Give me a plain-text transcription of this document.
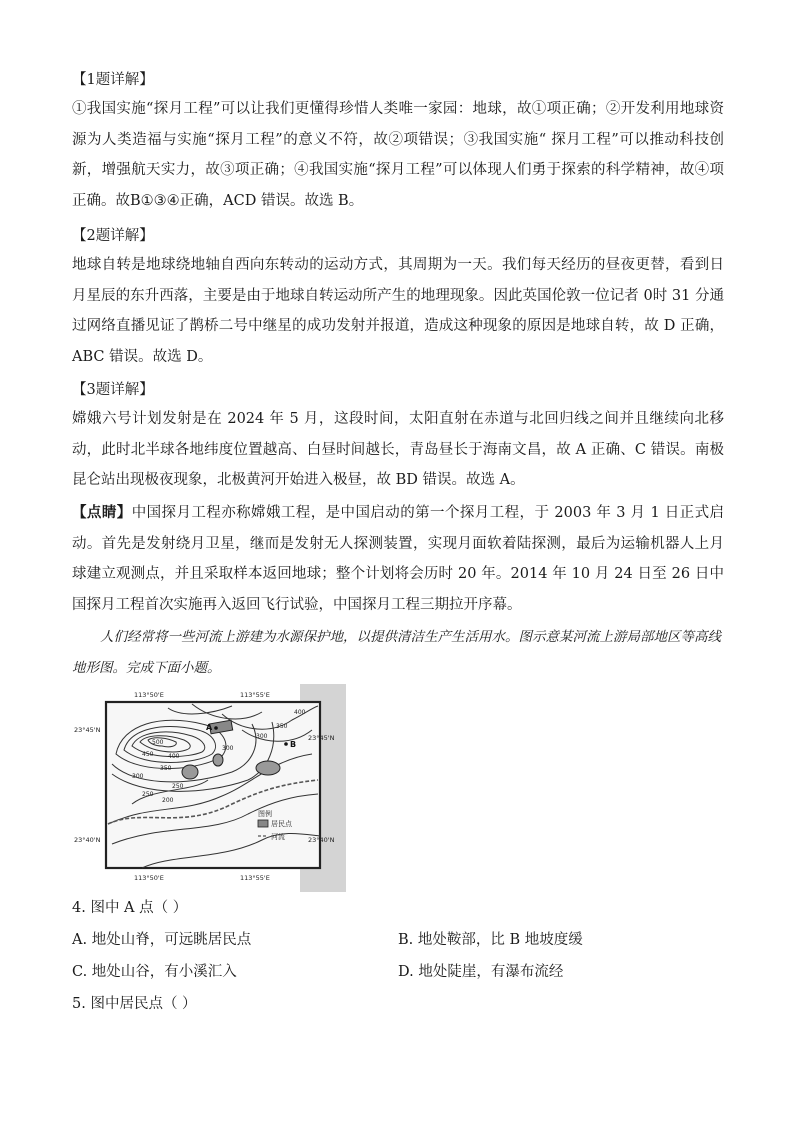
【1题详解】

①我国实施“探月工程”可以让我们更懂得珍惜人类唯一家园：地球，故①项正确；②开发利用地球资源为人类造福与实施“探月工程”的意义不符，故②项错误；③我国实施“ 探月工程”可以推动科技创新，增强航天实力，故③项正确；④我国实施“探月工程”可以体现人们勇于探索的科学精神，故④项正确。故B①③④正确，ACD 错误。故选 B。

【2题详解】

地球自转是地球绕地轴自西向东转动的运动方式，其周期为一天。我们每天经历的昼夜更替，看到日月星辰的东升西落，主要是由于地球自转运动所产生的地理现象。因此英国伦敦一位记者 0时 31 分通过网络直播见证了鹊桥二号中继星的成功发射并报道，造成这种现象的原因是地球自转，故 D 正确，ABC 错误。故选 D。

【3题详解】

嫦娥六号计划发射是在 2024 年 5 月，这段时间，太阳直射在赤道与北回归线之间并且继续向北移动，此时北半球各地纬度位置越高、白昼时间越长，青岛昼长于海南文昌，故 A 正确、C 错误。南极昆仑站出现极夜现象，北极黄河开始进入极昼，故 BD 错误。故选 A。

【点睛】中国探月工程亦称嫦娥工程，是中国启动的第一个探月工程，于 2003 年 3 月 1 日正式启动。首先是发射绕月卫星，继而是发射无人探测装置，实现月面软着陆探测，最后为运输机器人上月球建立观测点，并且采取样本返回地球；整个计划将会历时 20 年。2014 年 10 月 24 日至 26 日中国探月工程首次实施再入返回飞行试验，中国探月工程三期拉开序幕。

人们经常将一些河流上游建为水源保护地，以提供清洁生产生活用水。图示意某河流上游局部地区等高线地形图。完成下面小题。

图例
居民点
河流
113°50'E	113°55'E
113°50'E	113°55'E
23°45'N
23°40'N
23°45'N
23°40'N
500
450 400
350
300
250
200
300
350
400
300
250
A
B

4. 图中 A 点（ ）

A. 地处山脊，可远眺居民点	B. 地处鞍部，比 B 地坡度缓

C. 地处山谷，有小溪汇入	D. 地处陡崖，有瀑布流经

5. 图中居民点（ ）
